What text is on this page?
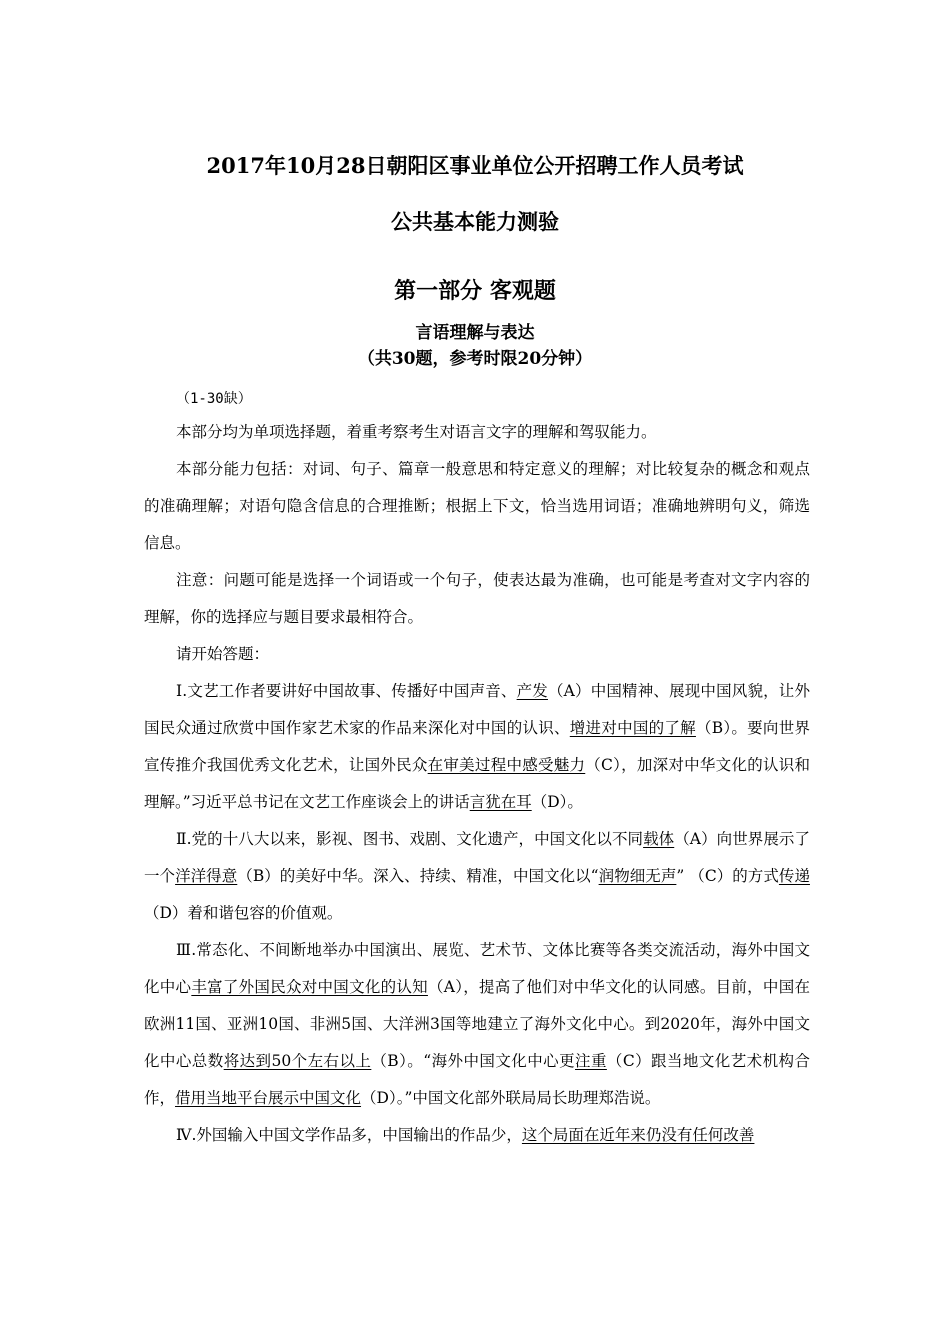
2017年10月28日朝阳区事业单位公开招聘工作人员考试
公共基本能力测验
第一部分 客观题
言语理解与表达
（共30题，参考时限20分钟）

（1-30缺）

本部分均为单项选择题，着重考察考生对语言文字的理解和驾驭能力。

本部分能力包括：对词、句子、篇章一般意思和特定意义的理解；对比较复杂的概念和观点的准确理解；对语句隐含信息的合理推断；根据上下文，恰当选用词语；准确地辨明句义，筛选信息。

注意：问题可能是选择一个词语或一个句子，使表达最为准确，也可能是考查对文字内容的理解，你的选择应与题目要求最相符合。

请开始答题：

Ⅰ.文艺工作者要讲好中国故事、传播好中国声音、产发（A）中国精神、展现中国风貌，让外国民众通过欣赏中国作家艺术家的作品来深化对中国的认识、增进对中国的了解（B）。要向世界宣传推介我国优秀文化艺术，让国外民众在审美过程中感受魅力（C），加深对中华文化的认识和理解。”习近平总书记在文艺工作座谈会上的讲话言犹在耳（D）。

Ⅱ.党的十八大以来，影视、图书、戏剧、文化遗产，中国文化以不同载体（A）向世界展示了一个洋洋得意（B）的美好中华。深入、持续、精准，中国文化以“润物细无声” （C）的方式传递（D）着和谐包容的价值观。

Ⅲ.常态化、不间断地举办中国演出、展览、艺术节、文体比赛等各类交流活动，海外中国文化中心丰富了外国民众对中国文化的认知（A），提高了他们对中华文化的认同感。目前，中国在欧洲11国、亚洲10国、非洲5国、大洋洲3国等地建立了海外文化中心。到2020年，海外中国文化中心总数将达到50个左右以上（B）。“海外中国文化中心更注重（C）跟当地文化艺术机构合作，借用当地平台展示中国文化（D）。”中国文化部外联局局长助理郑浩说。

Ⅳ.外国输入中国文学作品多，中国输出的作品少，这个局面在近年来仍没有任何改善
